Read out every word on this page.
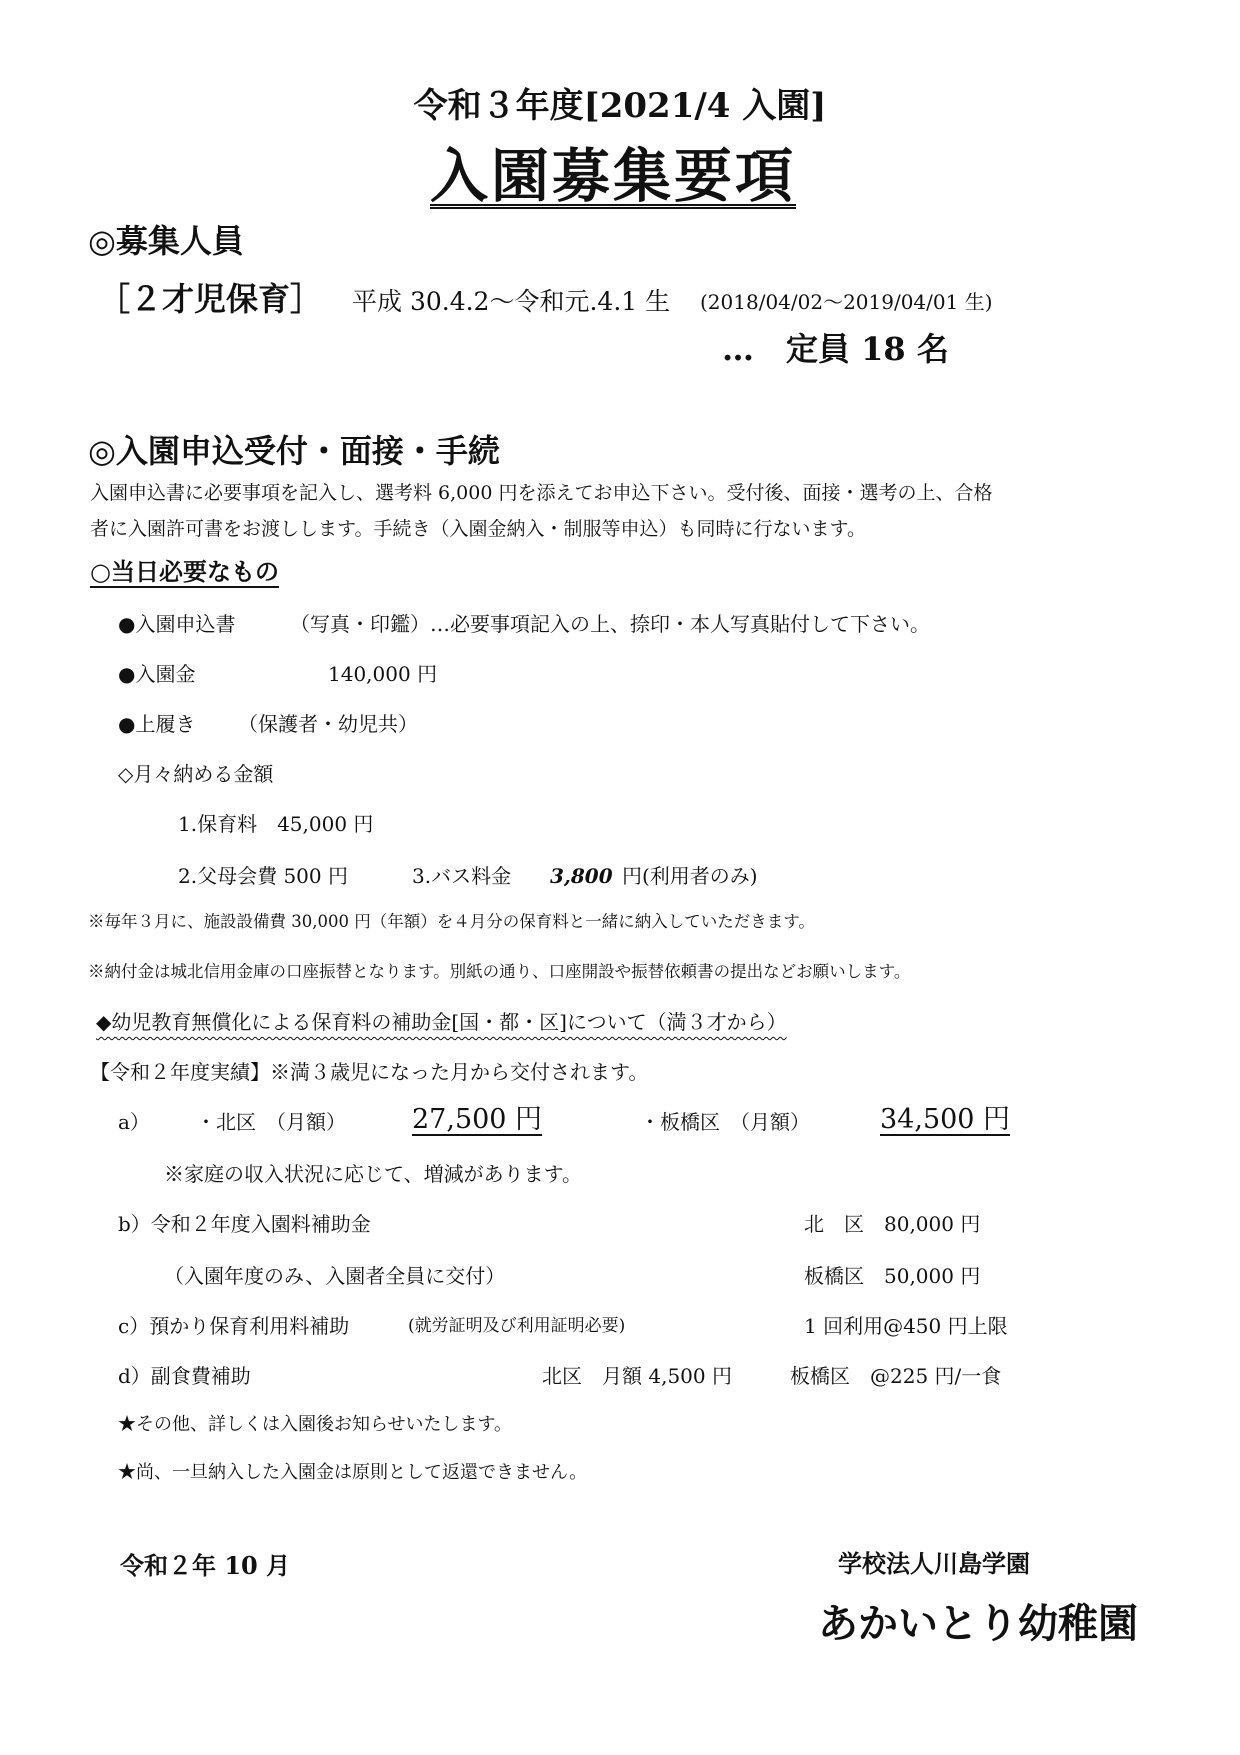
令和３年度[2021/4 入園]
入園募集要項
◎募集人員
［２才児保育］ 平成 30.4.2～令和元.4.1 生 (2018/04/02～2019/04/01 生)
…　定員 18 名
◎入園申込受付・面接・手続
入園申込書に必要事項を記入し、選考料 6,000 円を添えてお申込下さい。受付後、面接・選考の上、合格
者に入園許可書をお渡しします。手続き（入園金納入・制服等申込）も同時に行ないます。
○当日必要なもの
●入園申込書	（写真・印鑑）…必要事項記入の上、捺印・本人写真貼付して下さい。
●入園金	140,000 円
●上履き （保護者・幼児共）
◇月々納める金額
1.保育料　45,000 円
2.父母会費 500 円	3.バス料金 3,800 円(利用者のみ)
※毎年３月に、施設設備費 30,000 円（年額）を４月分の保育料と一緒に納入していただきます。
※納付金は城北信用金庫の口座振替となります。別紙の通り、口座開設や振替依頼書の提出などお願いします。
◆幼児教育無償化による保育料の補助金[国・都・区]について（満３才から）
【令和２年度実績】※満３歳児になった月から交付されます。
a） ・北区　（月額） 27,500 円	・板橋区　（月額）	34,500 円
※家庭の収入状況に応じて、増減があります。
b）令和２年度入園料補助金	北　区　80,000 円
（入園年度のみ、入園者全員に交付）	板橋区　50,000 円
c）預かり保育利用料補助	(就労証明及び利用証明必要)	1 回利用@450 円上限
d）副食費補助	北区　月額 4,500 円	板橋区　@225 円/一食
★その他、詳しくは入園後お知らせいたします。
★尚、一旦納入した入園金は原則として返還できません。
令和２年 10 月	学校法人川島学園
あかいとり幼稚園
